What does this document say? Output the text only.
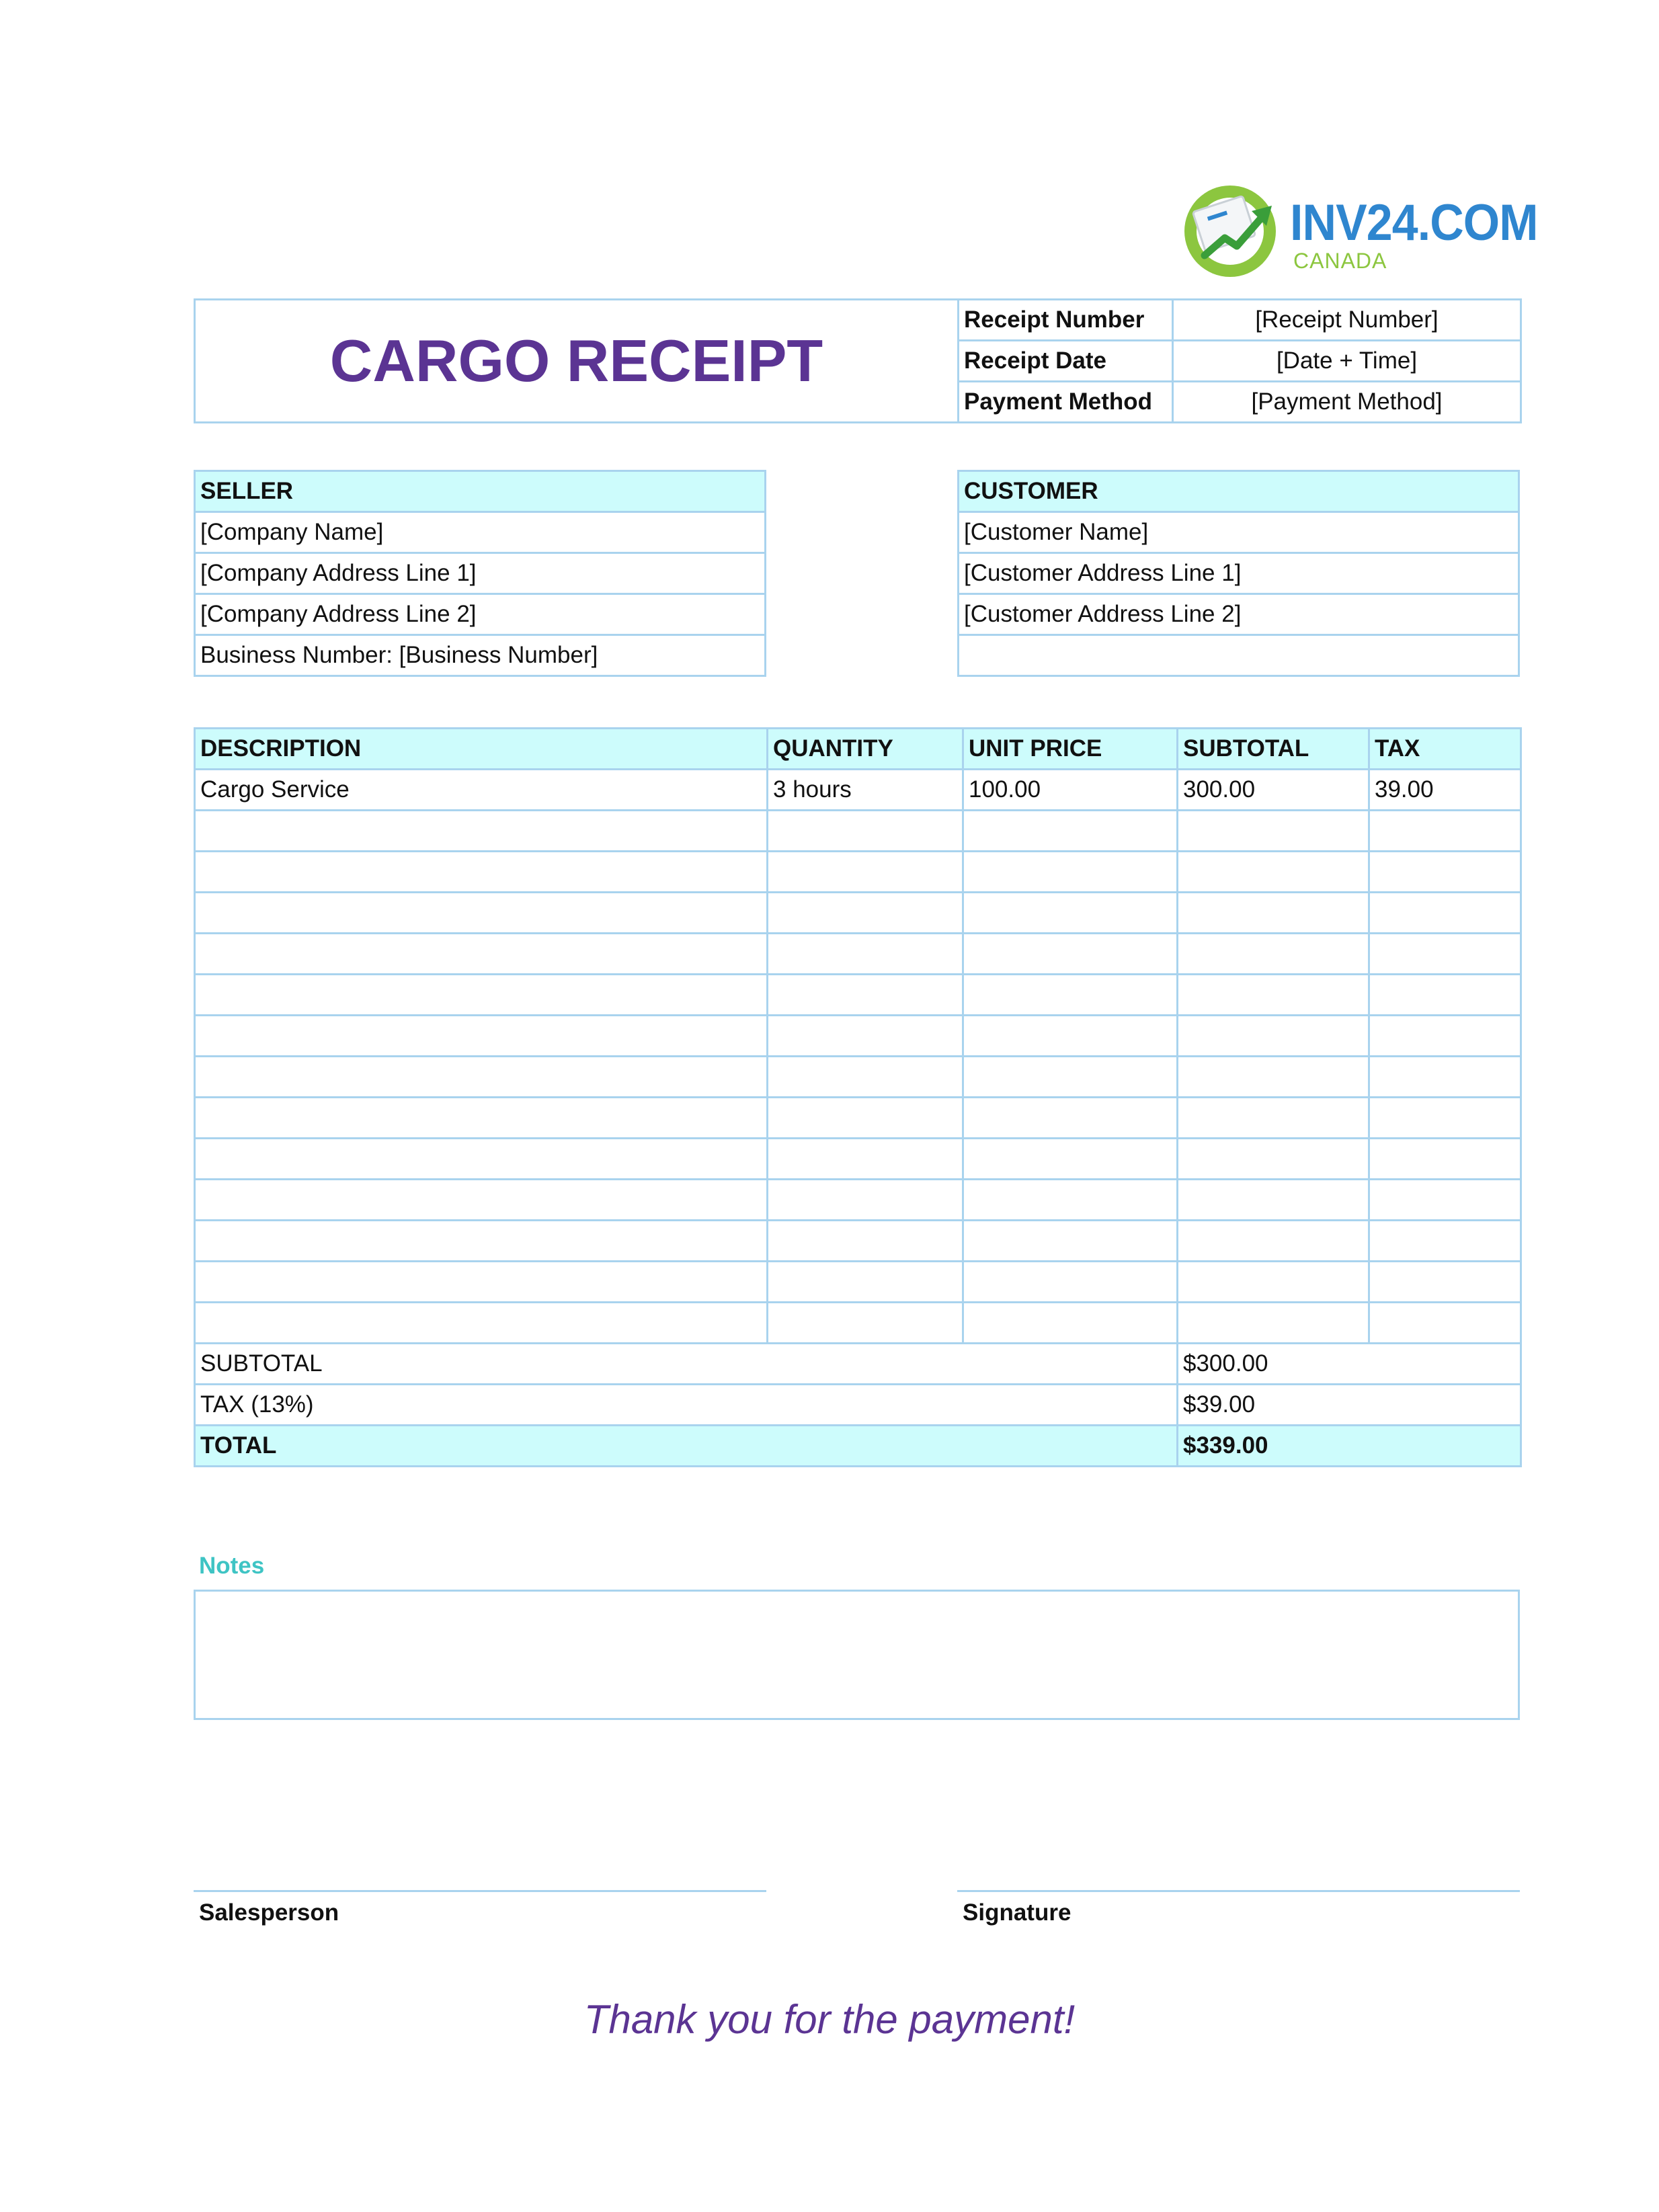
INV24.COM
CANADA
CARGO RECEIPT	Receipt Number	[Receipt Number]
	Receipt Date	[Date + Time]
	Payment Method	[Payment Method]
SELLER
[Company Name]
[Company Address Line 1]
[Company Address Line 2]
Business Number: [Business Number]
CUSTOMER
[Customer Name]
[Customer Address Line 1]
[Customer Address Line 2]

DESCRIPTION	QUANTITY	UNIT PRICE	SUBTOTAL	TAX
Cargo Service	3 hours	100.00	300.00	39.00

SUBTOTAL			$300.00	
TAX (13%)			$39.00	
TOTAL			$339.00	
Notes
Salesperson	Signature
Thank you for the payment!
